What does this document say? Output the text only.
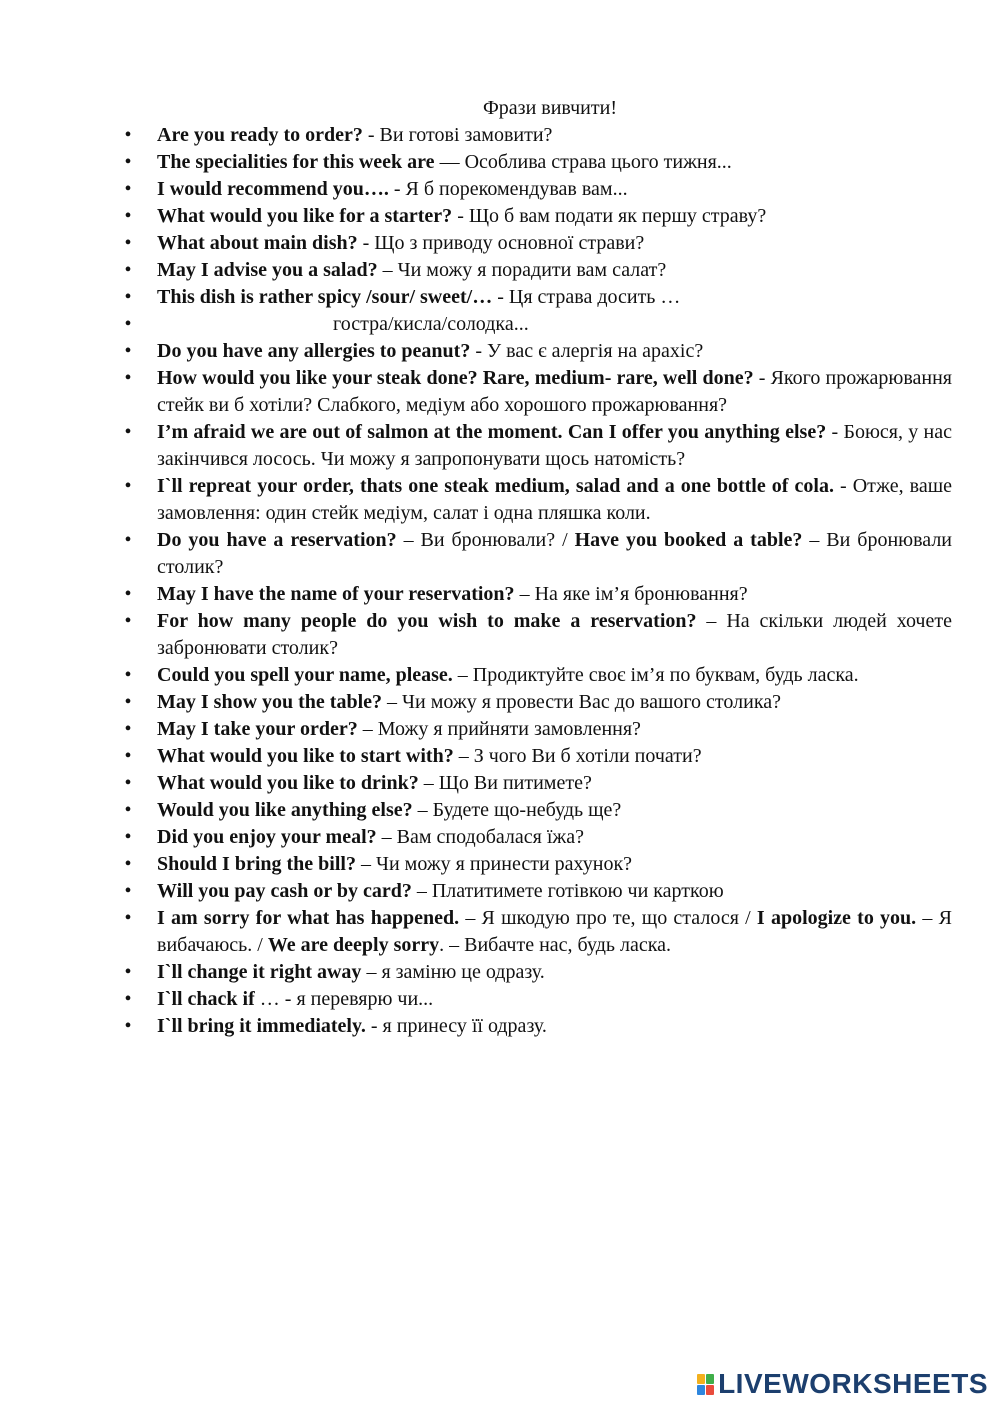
Фрази вивчити!
•	Are you ready to order? - Ви готові замовити?
•	The specialities for this week are — Особлива страва цього тижня...
•	I would recommend you…. - Я б порекомендував вам...
•	What would you like for a starter? - Що б вам подати як першу страву?
•	What about main dish? - Що з приводу основної страви?
•	May I advise you a salad? – Чи можу я порадити вам салат?
•	This dish is rather spicy /sour/ sweet/… - Ця страва досить …
•	гостра/кисла/солодка...
•	Do you have any allergies to peanut? - У вас є алергія на арахіс?
•	How would you like your steak done? Rare, medium- rare, well done? - Якого прожарювання стейк ви б хотіли? Слабкого, медіум або хорошого прожарювання?
•	I’m afraid we are out of salmon at the moment. Can I offer you anything else? - Боюся, у нас закінчився лосось. Чи можу я запропонувати щось натомість?
•	I`ll repreat your order, thats one steak medium, salad and a one bottle of cola. - Отже, ваше замовлення: один стейк медіум, салат і одна пляшка коли.
•	Do you have a reservation? – Ви бронювали? / Have you booked a table? – Ви бронювали столик?
•	May I have the name of your reservation? – На яке ім’я бронювання?
•	For how many people do you wish to make a reservation? – На скільки людей хочете забронювати столик?
•	Could you spell your name, please. – Продиктуйте своє ім’я по буквам, будь ласка.
•	May I show you the table? – Чи можу я провести Вас до вашого столика?
•	May I take your order? – Можу я прийняти замовлення?
•	What would you like to start with? – З чого Ви б хотіли почати?
•	What would you like to drink? – Що Ви питимете?
•	Would you like anything else? – Будете що-небудь ще?
•	Did you enjoy your meal? – Вам сподобалася їжа?
•	Should I bring the bill? – Чи можу я принести рахунок?
•	Will you pay cash or by card? – Платитимете готівкою чи карткою
•	I am sorry for what has happened. – Я шкодую про те, що сталося / I apologize to you. – Я вибачаюсь. / We are deeply sorry. – Вибачте нас, будь ласка.
•	I`ll change it right away – я заміню це одразу.
•	I`ll chack if … - я перевярю чи...
•	I`ll bring it immediately. - я принесу її одразу.
LIVEWORKSHEETS
